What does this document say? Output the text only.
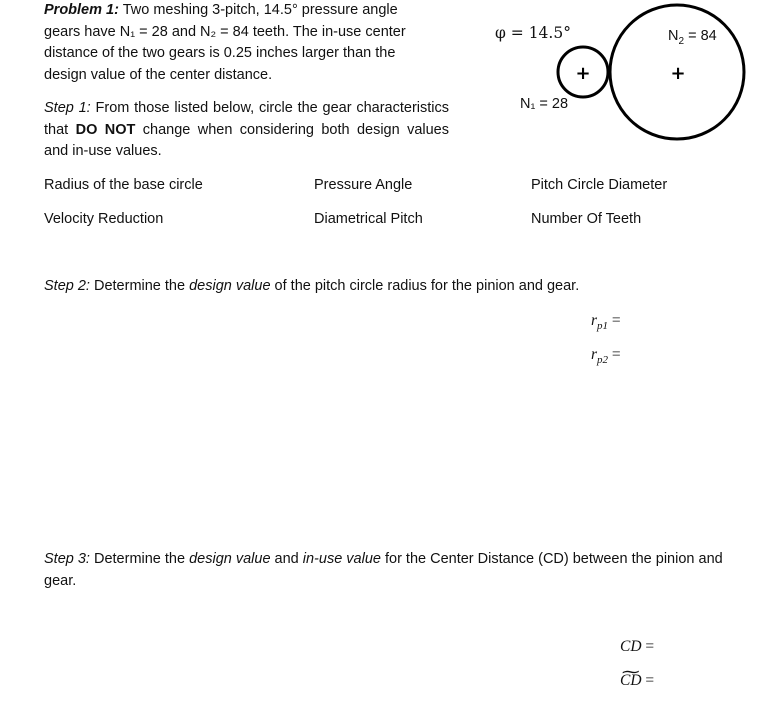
Problem 1: Two meshing 3-pitch, 14.5° pressure angle
gears have N₁ = 28 and N₂ = 84 teeth. The in-use center
distance of the two gears is 0.25 inches larger than the
design value of the center distance.
Step 1: From those listed below, circle the gear characteristics that DO NOT change when considering both design values and in-use values.
Radius of the base circle	Pressure Angle	Pitch Circle Diameter
Velocity Reduction	Diametrical Pitch	Number Of Teeth
Step 2: Determine the design value of the pitch circle radius for the pinion and gear.
$r_{p1}$ =
$r_{p2}$ =
Step 3: Determine the design value and in-use value for the Center Distance (CD) between the pinion and gear.
CD =
∼ CD =
+	+
φ = 14.5°
N₁ = 28
$N_2 = 84$
